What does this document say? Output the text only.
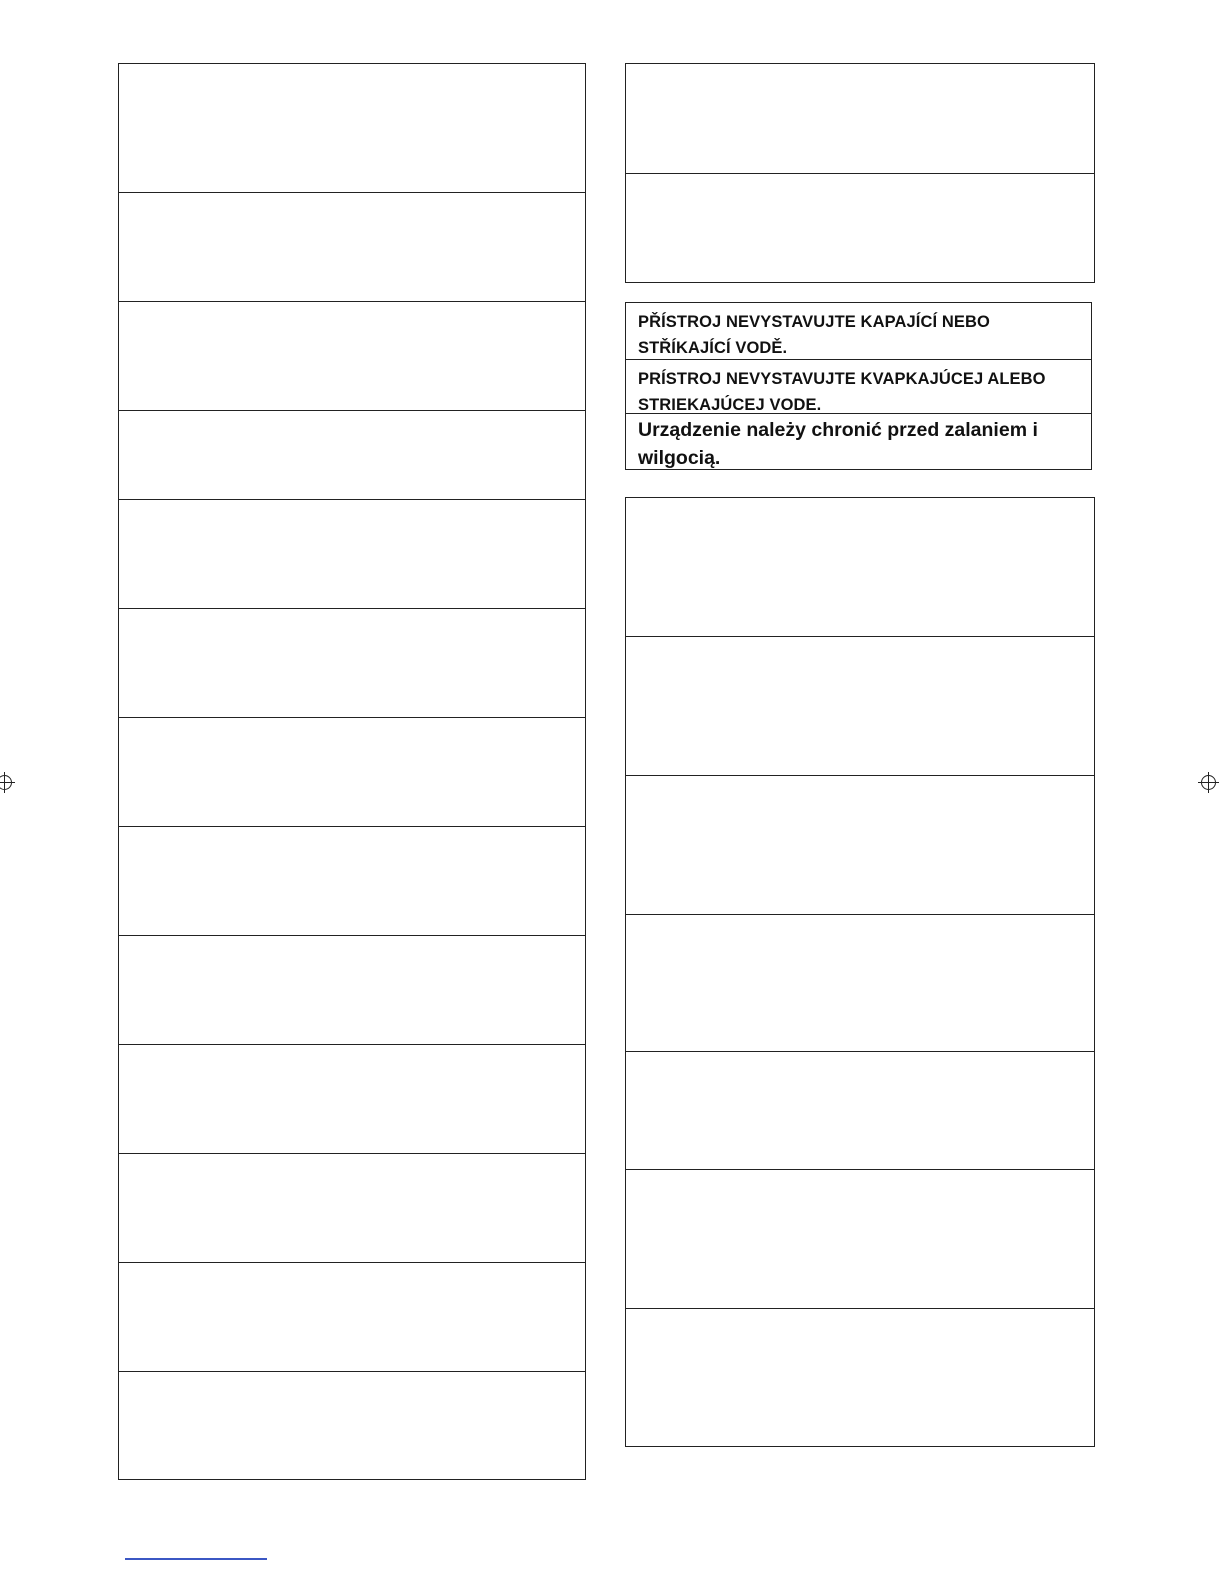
PŘÍSTROJ NEVYSTAVUJTE KAPAJÍCÍ NEBO STŘÍKAJÍCÍ VODĚ.
PRÍSTROJ NEVYSTAVUJTE KVAPKAJÚCEJ ALEBO STRIEKAJÚCEJ VODE.
Urządzenie należy chronić przed zalaniem i wilgocią.
